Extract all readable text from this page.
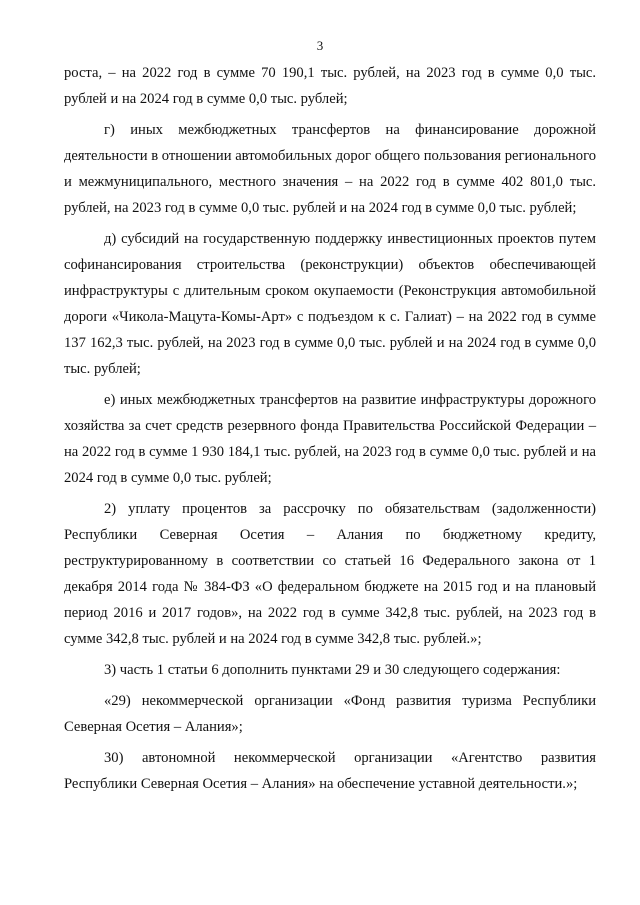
3

роста, – на 2022 год в сумме 70 190,1 тыс. рублей, на 2023 год в сумме 0,0 тыс. рублей и на 2024 год в сумме 0,0 тыс. рублей;

г) иных межбюджетных трансфертов на финансирование дорожной деятельности в отношении автомобильных дорог общего пользования регионального и межмуниципального, местного значения – на 2022 год в сумме 402 801,0 тыс. рублей, на 2023 год в сумме 0,0 тыс. рублей и на 2024 год в сумме 0,0 тыс. рублей;

д) субсидий на государственную поддержку инвестиционных проектов путем софинансирования строительства (реконструкции) объектов обеспечивающей инфраструктуры с длительным сроком окупаемости (Реконструкция автомобильной дороги «Чикола-Мацута-Комы-Арт» с подъездом к с. Галиат) – на 2022 год в сумме 137 162,3 тыс. рублей, на 2023 год в сумме 0,0 тыс. рублей и на 2024 год в сумме 0,0 тыс. рублей;

е) иных межбюджетных трансфертов на развитие инфраструктуры дорожного хозяйства за счет средств резервного фонда Правительства Российской Федерации – на 2022 год в сумме 1 930 184,1 тыс. рублей, на 2023 год в сумме 0,0 тыс. рублей и на 2024 год в сумме 0,0 тыс. рублей;

2) уплату процентов за рассрочку по обязательствам (задолженности) Республики Северная Осетия – Алания по бюджетному кредиту, реструктурированному в соответствии со статьей 16 Федерального закона от 1 декабря 2014 года № 384-ФЗ «О федеральном бюджете на 2015 год и на плановый период 2016 и 2017 годов», на 2022 год в сумме 342,8 тыс. рублей, на 2023 год в сумме 342,8 тыс. рублей и на 2024 год в сумме 342,8 тыс. рублей.»;

3) часть 1 статьи 6 дополнить пунктами 29 и 30 следующего содержания:

«29) некоммерческой организации «Фонд развития туризма Республики Северная Осетия – Алания»;

30) автономной некоммерческой организации «Агентство развития Республики Северная Осетия – Алания» на обеспечение уставной деятельности.»;
